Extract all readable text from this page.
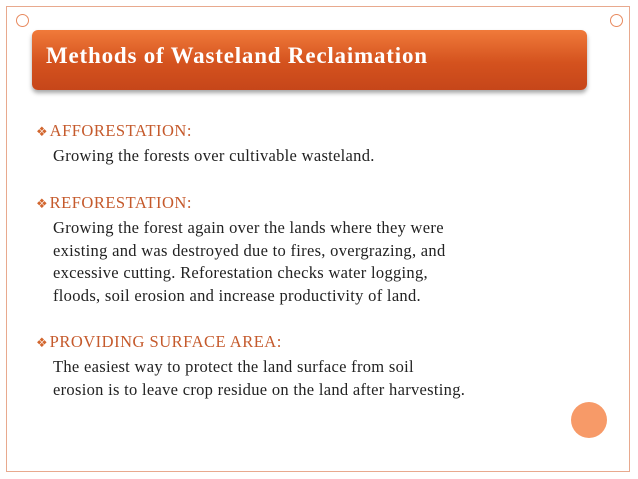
Methods of Wasteland Reclaimation
❖ AFFORESTATION:
Growing the forests over cultivable wasteland.
❖ REFORESTATION:
Growing the forest again over the lands where they were
existing and was destroyed due to fires, overgrazing, and
excessive cutting. Reforestation checks water logging,
floods, soil erosion and increase productivity of land.
❖ PROVIDING SURFACE AREA:
The easiest way to protect the land surface from soil
erosion is to leave crop residue on the land after harvesting.
